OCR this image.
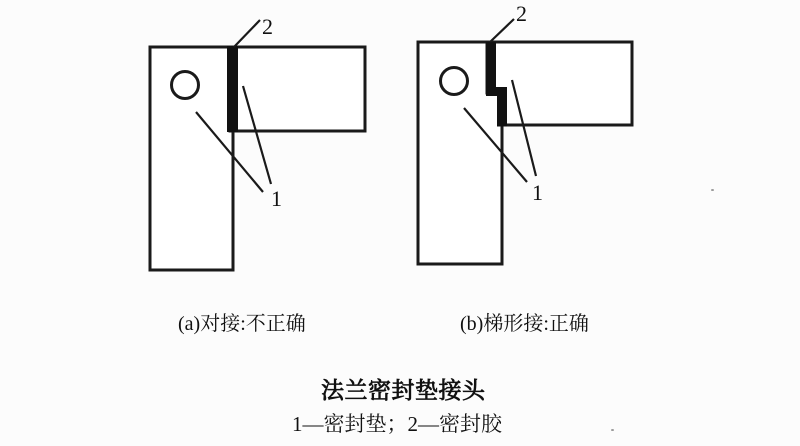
2
1
2
1
(a)对接:不正确	(b)梯形接:正确
法兰密封垫接头
1—密封垫；2—密封胶
